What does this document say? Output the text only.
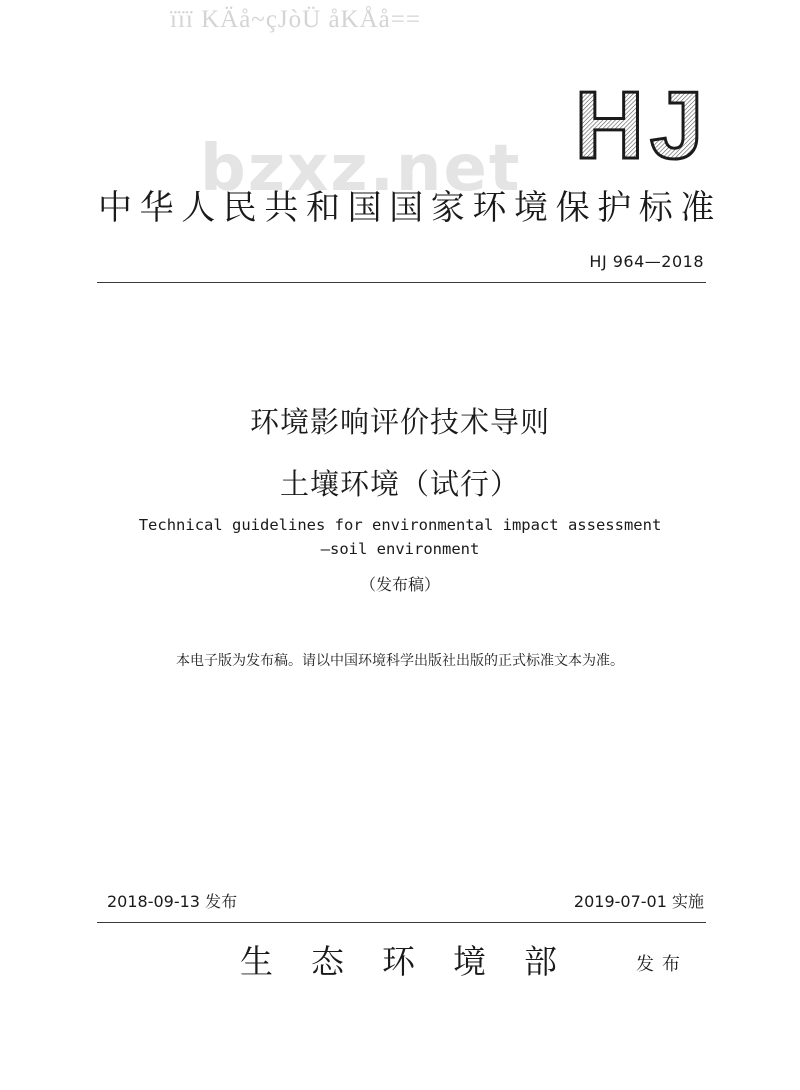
ïïï KÄå~çJòÜ åKÅå==
HJ
bzxz.net
中华人民共和国国家环境保护标准
HJ 964—2018
环境影响评价技术导则
土壤环境（试行）
Technical guidelines for environmental impact assessment
—soil environment
（发布稿）
本电子版为发布稿。请以中国环境科学出版社出版的正式标准文本为准。
2018-09-13 发布	2019-07-01 实施
生态环境部 发布
